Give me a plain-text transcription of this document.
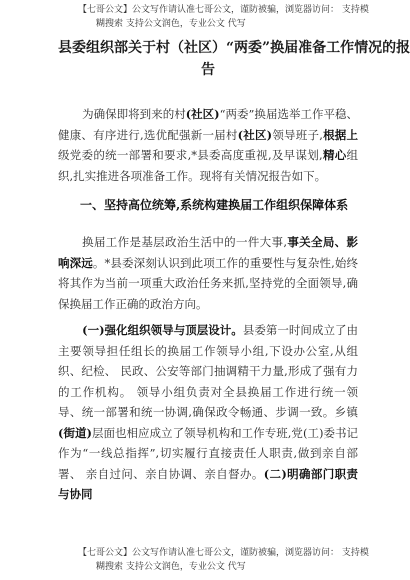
【七哥公文】公文写作请认准七哥公文，谨防被骗，浏览器访问： 支持模
糊搜索 支持公文润色，专业公文 代写
县委组织部关于村（社区）“两委”换届准备工作情况的报
告
为确保即将到来的村(社区)“两委”换届选举工作平稳、健康、有序进行,选优配强新一届村(社区)领导班子,根据上级党委的统一部署和要求,*县委高度重视,及早谋划,精心组织,扎实推进各项准备工作。现将有关情况报告如下。
一、坚持高位统筹,系统构建换届工作组织保障体系
换届工作是基层政治生活中的一件大事,事关全局、影响深远。*县委深刻认识到此项工作的重要性与复杂性,始终将其作为当前一项重大政治任务来抓,坚持党的全面领导,确保换届工作正确的政治方向。
(一)强化组织领导与顶层设计。县委第一时间成立了由主要领导担任组长的换届工作领导小组,下设办公室,从组织、纪检、 民政、公安等部门抽调精干力量,形成了强有力的工作机构。 领导小组负责对全县换届工作进行统一领导、统一部署和统一协调,确保政令畅通、步调一致。乡镇(街道)层面也相应成立了领导机构和工作专班,党(工)委书记作为“一线总指挥”,切实履行直接责任人职责,做到亲自部署、 亲自过问、亲自协调、亲自督办。(二)明确部门职责与协同
【七哥公文】公文写作请认准七哥公文，谨防被骗，浏览器访问： 支持模
糊搜索 支持公文润色，专业公文 代写
